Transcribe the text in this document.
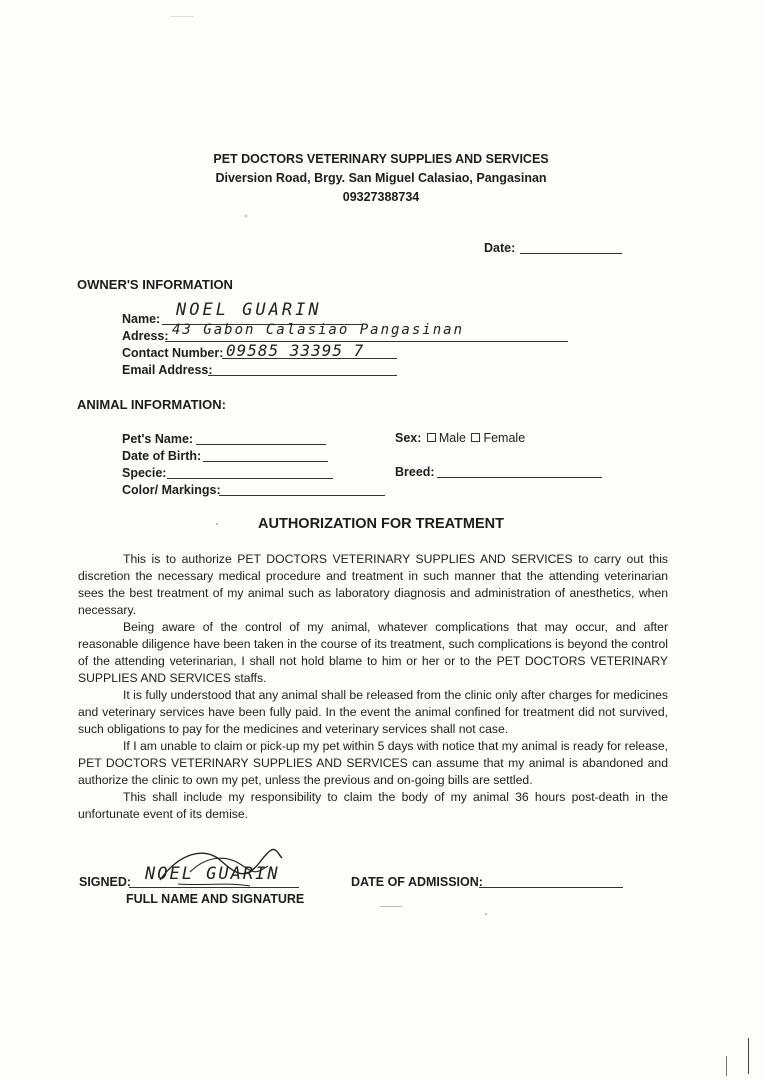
PET DOCTORS VETERINARY SUPPLIES AND SERVICES
Diversion Road, Brgy. San Miguel Calasiao, Pangasinan
09327388734
Date:
OWNER'S INFORMATION
Name: NOEL GUARIN
Adress: 43 Gabon Calasiao Pangasinan
Contact Number: 09585 33395 7
Email Address:
ANIMAL INFORMATION:
Pet's Name:
Date of Birth:
Specie:
Color/ Markings:
Sex: Male Female
Breed:
AUTHORIZATION FOR TREATMENT

This is to authorize PET DOCTORS VETERINARY SUPPLIES AND SERVICES to carry out this discretion the necessary medical procedure and treatment in such manner that the attending veterinarian sees the best treatment of my animal such as laboratory diagnosis and administration of anesthetics, when necessary.

Being aware of the control of my animal, whatever complications that may occur, and after reasonable diligence have been taken in the course of its treatment, such complications is beyond the control of the attending veterinarian, I shall not hold blame to him or her or to the PET DOCTORS VETERINARY SUPPLIES AND SERVICES staffs.

It is fully understood that any animal shall be released from the clinic only after charges for medicines and veterinary services have been fully paid. In the event the animal confined for treatment did not survived, such obligations to pay for the medicines and veterinary services shall not case.

If I am unable to claim or pick-up my pet within 5 days with notice that my animal is ready for release, PET DOCTORS VETERINARY SUPPLIES AND SERVICES can assume that my animal is abandoned and authorize the clinic to own my pet, unless the previous and on-going bills are settled.

This shall include my responsibility to claim the body of my animal 36 hours post-death in the unfortunate event of its demise.

SIGNED: NOEL GUARIN
FULL NAME AND SIGNATURE
DATE OF ADMISSION:
